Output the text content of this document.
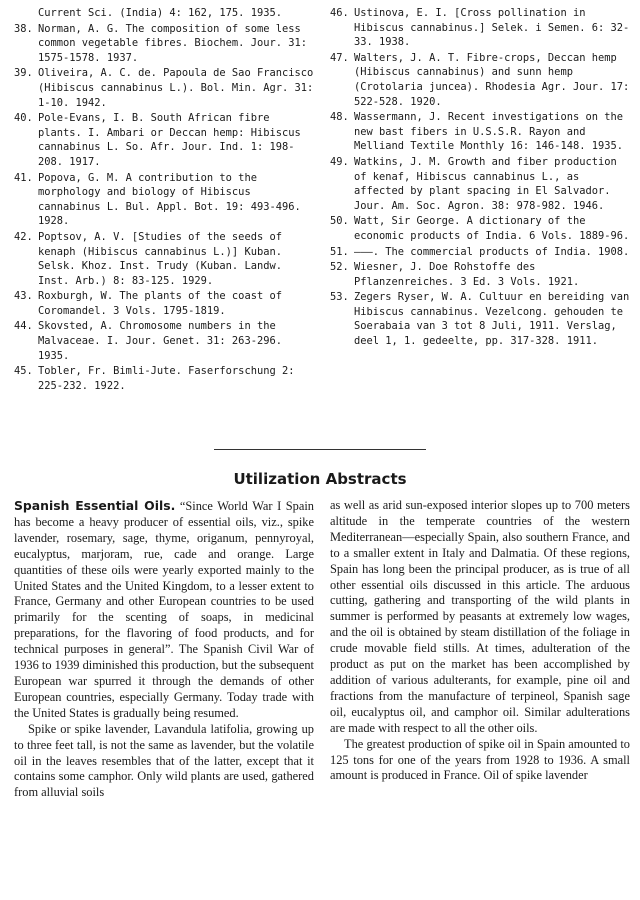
Current Sci. (India) 4: 162, 175. 1935.
38. Norman, A. G. The composition of some less common vegetable fibres. Biochem. Jour. 31: 1575-1578. 1937.
39. Oliveira, A. C. de. Papoula de Sao Francisco (Hibiscus cannabinus L.). Bol. Min. Agr. 31: 1-10. 1942.
40. Pole-Evans, I. B. South African fibre plants. I. Ambari or Deccan hemp: Hibiscus cannabinus L. So. Afr. Jour. Ind. 1: 198-208. 1917.
41. Popova, G. M. A contribution to the morphology and biology of Hibiscus cannabinus L. Bul. Appl. Bot. 19: 493-496. 1928.
42. Poptsov, A. V. [Studies of the seeds of kenaph (Hibiscus cannabinus L.)] Kuban. Selsk. Khoz. Inst. Trudy (Kuban. Landw. Inst. Arb.) 8: 83-125. 1929.
43. Roxburgh, W. The plants of the coast of Coromandel. 3 Vols. 1795-1819.
44. Skovsted, A. Chromosome numbers in the Malvaceae. I. Jour. Genet. 31: 263-296. 1935.
45. Tobler, Fr. Bimli-Jute. Faserforschung 2: 225-232. 1922.
46. Ustinova, E. I. [Cross pollination in Hibiscus cannabinus.] Selek. i Semen. 6: 32-33. 1938.
47. Walters, J. A. T. Fibre-crops, Deccan hemp (Hibiscus cannabinus) and sunn hemp (Crotolaria juncea). Rhodesia Agr. Jour. 17: 522-528. 1920.
48. Wassermann, J. Recent investigations on the new bast fibers in U.S.S.R. Rayon and Melliand Textile Monthly 16: 146-148. 1935.
49. Watkins, J. M. Growth and fiber production of kenaf, Hibiscus cannabinus L., as affected by plant spacing in El Salvador. Jour. Am. Soc. Agron. 38: 978-982. 1946.
50. Watt, Sir George. A dictionary of the economic products of India. 6 Vols. 1889-96.
51. ———. The commercial products of India. 1908.
52. Wiesner, J. Doe Rohstoffe des Pflanzenreiches. 3 Ed. 3 Vols. 1921.
53. Zegers Ryser, W. A. Cultuur en bereiding van Hibiscus cannabinus. Vezelcong. gehouden te Soerabaia van 3 tot 8 Juli, 1911. Verslag, deel 1, 1. gedeelte, pp. 317-328. 1911.
Utilization Abstracts

Spanish Essential Oils. “Since World War I Spain has become a heavy producer of essential oils, viz., spike lavender, rosemary, sage, thyme, origanum, pennyroyal, eucalyptus, marjoram, rue, cade and orange. Large quantities of these oils were yearly exported mainly to the United States and the United Kingdom, to a lesser extent to France, Germany and other European countries to be used primarily for the scenting of soaps, in medicinal preparations, for the flavoring of food products, and for technical purposes in general”. The Spanish Civil War of 1936 to 1939 diminished this production, but the subsequent European war spurred it through the demands of other European countries, especially Germany. Today trade with the United States is gradually being resumed.

Spike or spike lavender, Lavandula latifolia, growing up to three feet tall, is not the same as lavender, but the volatile oil in the leaves resembles that of the latter, except that it contains some camphor. Only wild plants are used, gathered from alluvial soils

as well as arid sun-exposed interior slopes up to 700 meters altitude in the temperate countries of the western Mediterranean—especially Spain, also southern France, and to a smaller extent in Italy and Dalmatia. Of these regions, Spain has long been the principal producer, as is true of all other essential oils discussed in this article. The arduous cutting, gathering and transporting of the wild plants in summer is performed by peasants at extremely low wages, and the oil is obtained by steam distillation of the foliage in crude movable field stills. At times, adulteration of the product as put on the market has been accomplished by addition of various adulterants, for example, pine oil and fractions from the manufacture of terpineol, Spanish sage oil, eucalyptus oil, and camphor oil. Similar adulterations are made with respect to all the other oils.

The greatest production of spike oil in Spain amounted to 125 tons for one of the years from 1928 to 1936. A small amount is produced in France. Oil of spike lavender
